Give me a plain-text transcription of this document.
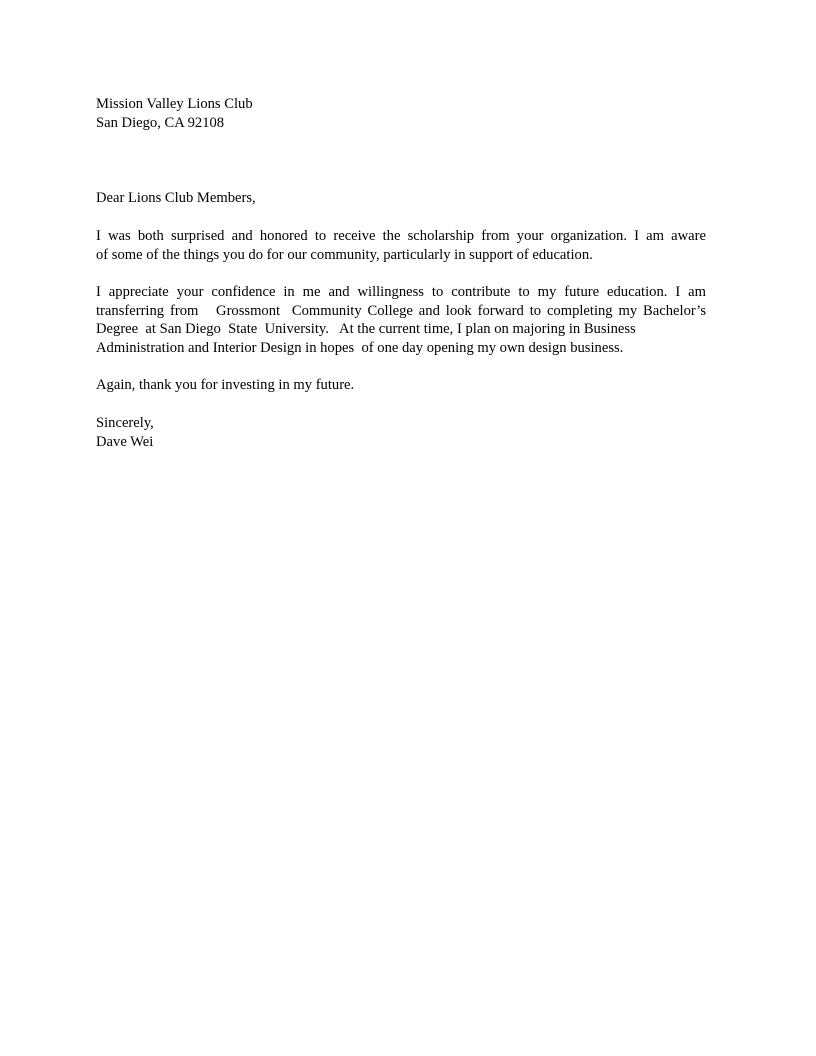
Mission Valley Lions Club
San Diego, CA 92108
Dear Lions Club Members,
I was both surprised and honored to receive the scholarship from your organization. I am aware
of some of the things you do for our community, particularly in support of education.
I appreciate your confidence in me and willingness to contribute to my future education. I am
transferring from   Grossmont  Community College and look forward to completing my Bachelor’s
Degree  at San Diego  State  University.   At the current time, I plan on majoring in Business
Administration and Interior Design in hopes  of one day opening my own design business.
Again, thank you for investing in my future.
Sincerely,
Dave Wei
